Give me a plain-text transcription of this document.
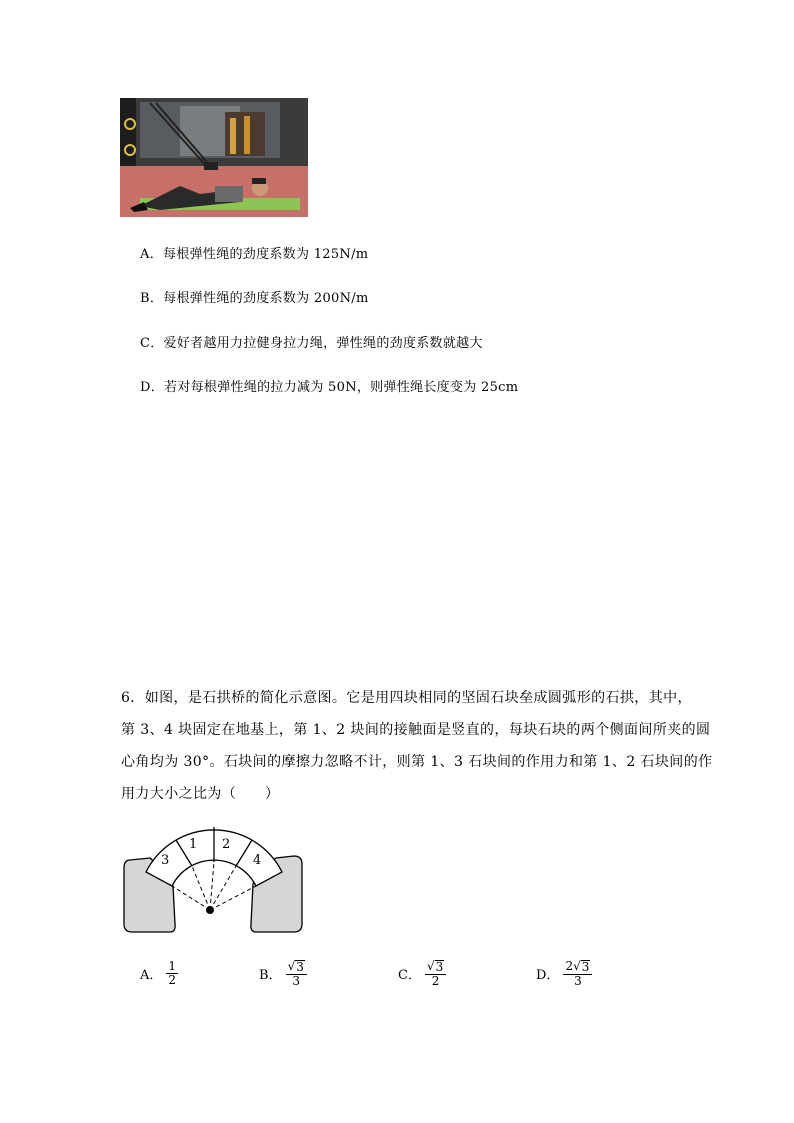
A．每根弹性绳的劲度系数为 125N/m
B．每根弹性绳的劲度系数为 200N/m
C．爱好者越用力拉健身拉力绳，弹性绳的劲度系数就越大
D．若对每根弹性绳的拉力减为 50N，则弹性绳长度变为 25cm

6．如图，是石拱桥的简化示意图。它是用四块相同的坚固石块垒成圆弧形的石拱，其中，

第 3、4 块固定在地基上，第 1、2 块间的接触面是竖直的，每块石块的两个侧面间所夹的圆

心角均为 30°。石块间的摩擦力忽略不计，则第 1、3 石块间的作用力和第 1、2 石块间的作

用力大小之比为（　　）

1 2
3	4
A． $\frac{1}{2}$	B． $\frac{√ 3}{3}$	C． $\frac{√ 3}{2}$	D． $\frac{2 √ 3}{3}$
